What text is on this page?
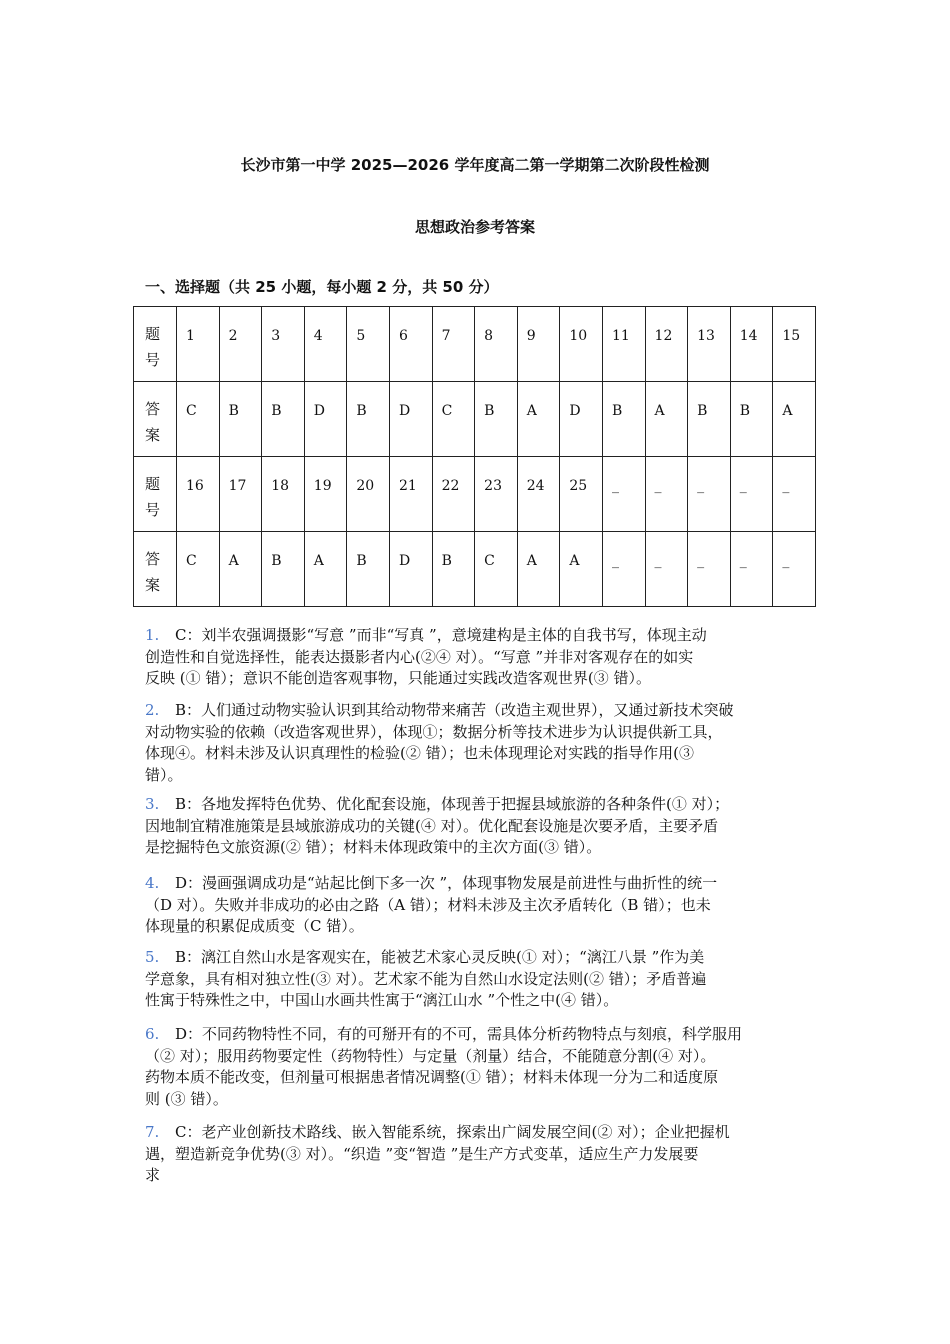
长沙市第一中学 2025—2026 学年度高二第一学期第二次阶段性检测
思想政治参考答案
一、选择题（共 25 小题，每小题 2 分，共 50 分）
题
号	1	2	3	4	5	6	7	8	9	10	11	12	13	14	15

答
案	C	B	B	D	B	D	C	B	A	D	B	A	B	B	A

题
号	16	17	18	19	20	21	22	23	24	25	_	_	_	_	_

答
案	C	A	B	A	B	D	B	C	A	A	_	_	_	_	_
1. C：刘半农强调摄影“写意 ”而非“写真 ”，意境建构是主体的自我书写，体现主动
创造性和自觉选择性，能表达摄影者内心(②④ 对）。“写意 ”并非对客观存在的如实
反映 (① 错）；意识不能创造客观事物，只能通过实践改造客观世界(③ 错）。
2. B：人们通过动物实验认识到其给动物带来痛苦（改造主观世界），又通过新技术突破
对动物实验的依赖（改造客观世界），体现①；数据分析等技术进步为认识提供新工具，
体现④。材料未涉及认识真理性的检验(② 错）；也未体现理论对实践的指导作用(③
错）。
3. B：各地发挥特色优势、优化配套设施，体现善于把握县域旅游的各种条件(① 对）；
因地制宜精准施策是县域旅游成功的关键(④ 对）。优化配套设施是次要矛盾，主要矛盾
是挖掘特色文旅资源(② 错）；材料未体现政策中的主次方面(③ 错）。
4. D：漫画强调成功是“站起比倒下多一次 ”，体现事物发展是前进性与曲折性的统一
（D 对）。失败并非成功的必由之路（A 错）；材料未涉及主次矛盾转化（B 错）；也未
体现量的积累促成质变（C 错）。
5. B：漓江自然山水是客观实在，能被艺术家心灵反映(① 对）；“漓江八景 ”作为美
学意象，具有相对独立性(③ 对）。艺术家不能为自然山水设定法则(② 错）；矛盾普遍
性寓于特殊性之中，中国山水画共性寓于“漓江山水 ”个性之中(④ 错）。
6. D：不同药物特性不同，有的可掰开有的不可，需具体分析药物特点与刻痕，科学服用
（② 对）；服用药物要定性（药物特性）与定量（剂量）结合，不能随意分割(④ 对）。
药物本质不能改变，但剂量可根据患者情况调整(① 错）；材料未体现一分为二和适度原
则 (③ 错）。
7. C：老产业创新技术路线、嵌入智能系统，探索出广阔发展空间(② 对）；企业把握机
遇，塑造新竞争优势(③ 对）。“织造 ”变“智造 ”是生产方式变革，适应生产力发展要
求
